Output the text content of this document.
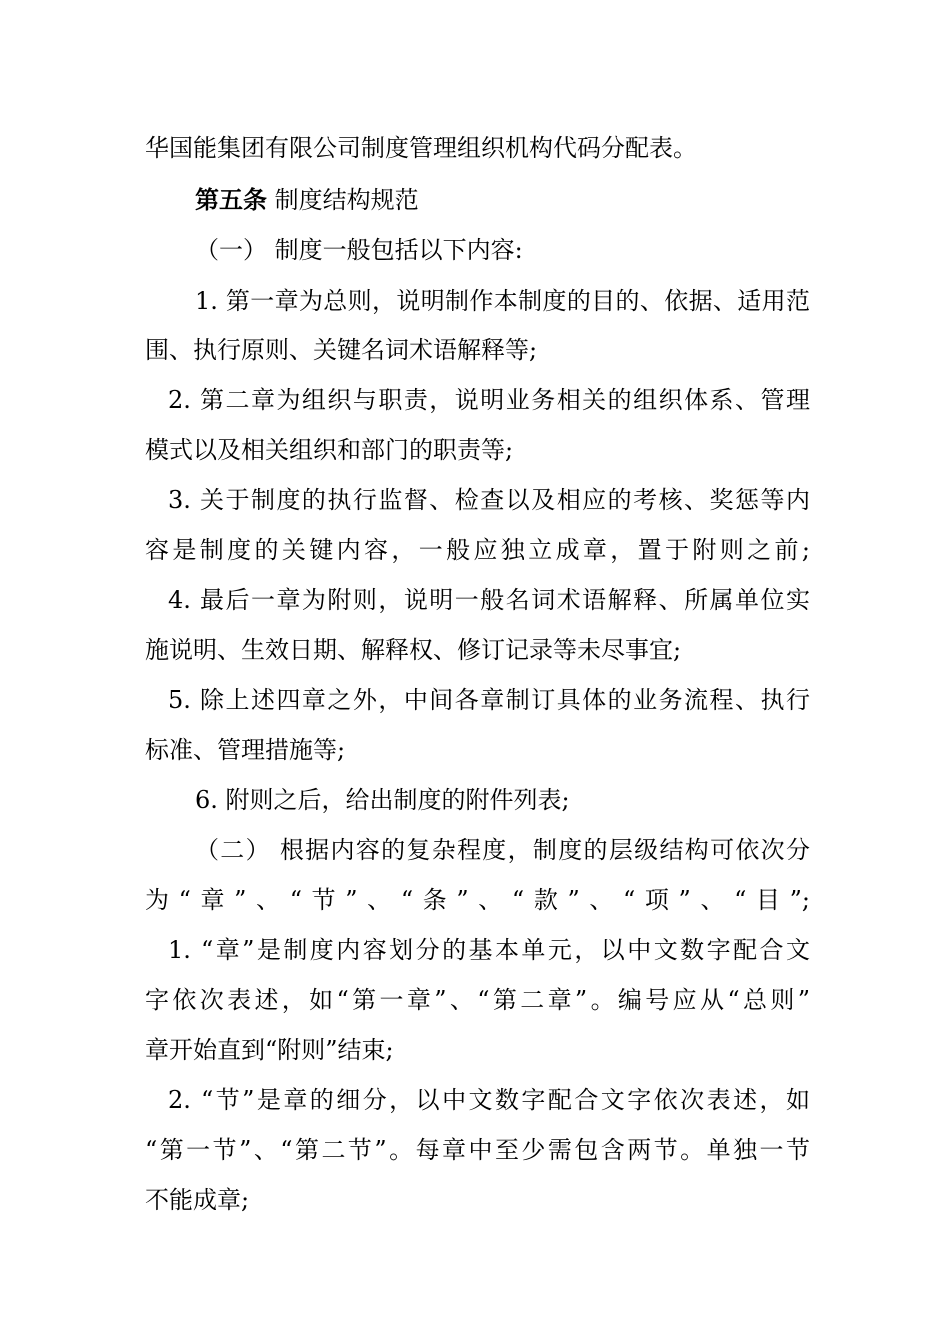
华国能集团有限公司制度管理组织机构代码分配表。
第五条 制度结构规范
（一） 制度一般包括以下内容:
1. 第一章为总则，说明制作本制度的目的、依据、适用范
围、执行原则、关键名词术语解释等;
2. 第二章为组织与职责，说明业务相关的组织体系、管理
模式以及相关组织和部门的职责等;
3. 关于制度的执行监督、检查以及相应的考核、奖惩等内
容是制度的关键内容，一般应独立成章，置于附则之前;
4. 最后一章为附则，说明一般名词术语解释、所属单位实
施说明、生效日期、解释权、修订记录等未尽事宜;
5. 除上述四章之外，中间各章制订具体的业务流程、执行
标准、管理措施等;
6. 附则之后，给出制度的附件列表;
（二） 根据内容的复杂程度，制度的层级结构可依次分
为“章”、“节”、“条”、“款”、“项”、“目”;
1. “章”是制度内容划分的基本单元，以中文数字配合文
字依次表述，如“第一章”、“第二章”。编号应从“总则”
章开始直到“附则”结束;
2. “节”是章的细分，以中文数字配合文字依次表述，如
“第一节”、“第二节”。每章中至少需包含两节。单独一节
不能成章;
